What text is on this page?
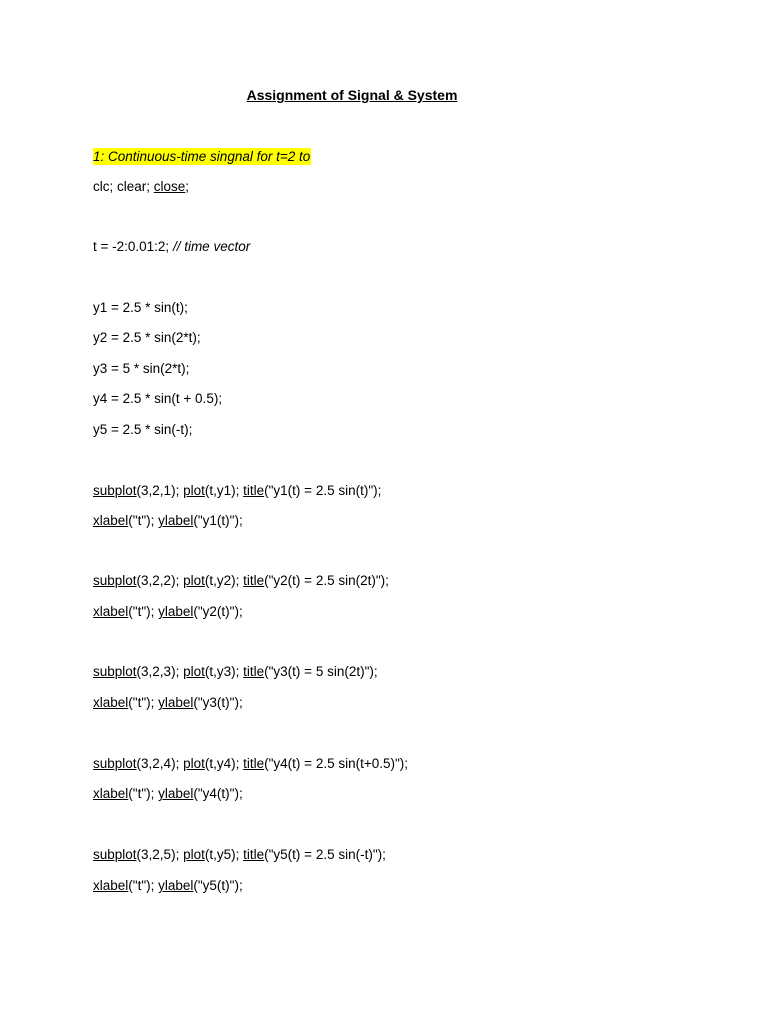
Assignment of Signal & System
1: Continuous-time singnal for t=2 to
clc; clear; close;
t = -2:0.01:2; // time vector
y1 = 2.5 * sin(t);
y2 = 2.5 * sin(2*t);
y3 = 5 * sin(2*t);
y4 = 2.5 * sin(t + 0.5);
y5 = 2.5 * sin(-t);
subplot(3,2,1); plot(t,y1); title("y1(t) = 2.5 sin(t)");
xlabel("t"); ylabel("y1(t)");
subplot(3,2,2); plot(t,y2); title("y2(t) = 2.5 sin(2t)");
xlabel("t"); ylabel("y2(t)");
subplot(3,2,3); plot(t,y3); title("y3(t) = 5 sin(2t)");
xlabel("t"); ylabel("y3(t)");
subplot(3,2,4); plot(t,y4); title("y4(t) = 2.5 sin(t+0.5)");
xlabel("t"); ylabel("y4(t)");
subplot(3,2,5); plot(t,y5); title("y5(t) = 2.5 sin(-t)");
xlabel("t"); ylabel("y5(t)");
